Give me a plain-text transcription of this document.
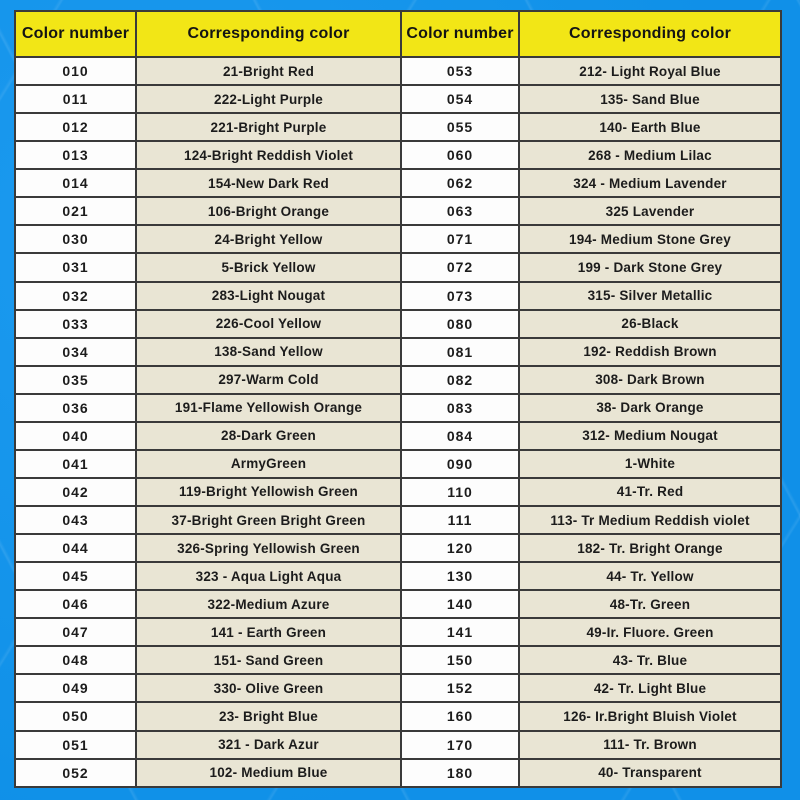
Color number	Corresponding color
010	21-Bright Red
011	222-Light Purple
012	221-Bright Purple
013	124-Bright Reddish Violet
014	154-New Dark Red
021	106-Bright Orange
030	24-Bright Yellow
031	5-Brick Yellow
032	283-Light Nougat
033	226-Cool Yellow
034	138-Sand Yellow
035	297-Warm Cold
036	191-Flame Yellowish Orange
040	28-Dark Green
041	ArmyGreen
042	119-Bright Yellowish Green
043	37-Bright Green Bright Green
044	326-Spring Yellowish Green
045	323 - Aqua Light Aqua
046	322-Medium Azure
047	141 - Earth Green
048	151- Sand Green
049	330- Olive Green
050	23- Bright Blue
051	321 - Dark Azur
052	102- Medium Blue
Color number	Corresponding color
053	212- Light Royal Blue
054	135- Sand Blue
055	140- Earth Blue
060	268 - Medium Lilac
062	324 - Medium Lavender
063	325 Lavender
071	194- Medium Stone Grey
072	199 - Dark Stone Grey
073	315- Silver Metallic
080	26-Black
081	192- Reddish Brown
082	308- Dark Brown
083	38- Dark Orange
084	312- Medium Nougat
090	1-White
110	41-Tr. Red
111	113- Tr Medium Reddish violet
120	182- Tr. Bright Orange
130	44- Tr. Yellow
140	48-Tr. Green
141	49-Ir. Fluore. Green
150	43- Tr. Blue
152	42- Tr. Light Blue
160	126- Ir.Bright Bluish Violet
170	111- Tr. Brown
180	40- Transparent
